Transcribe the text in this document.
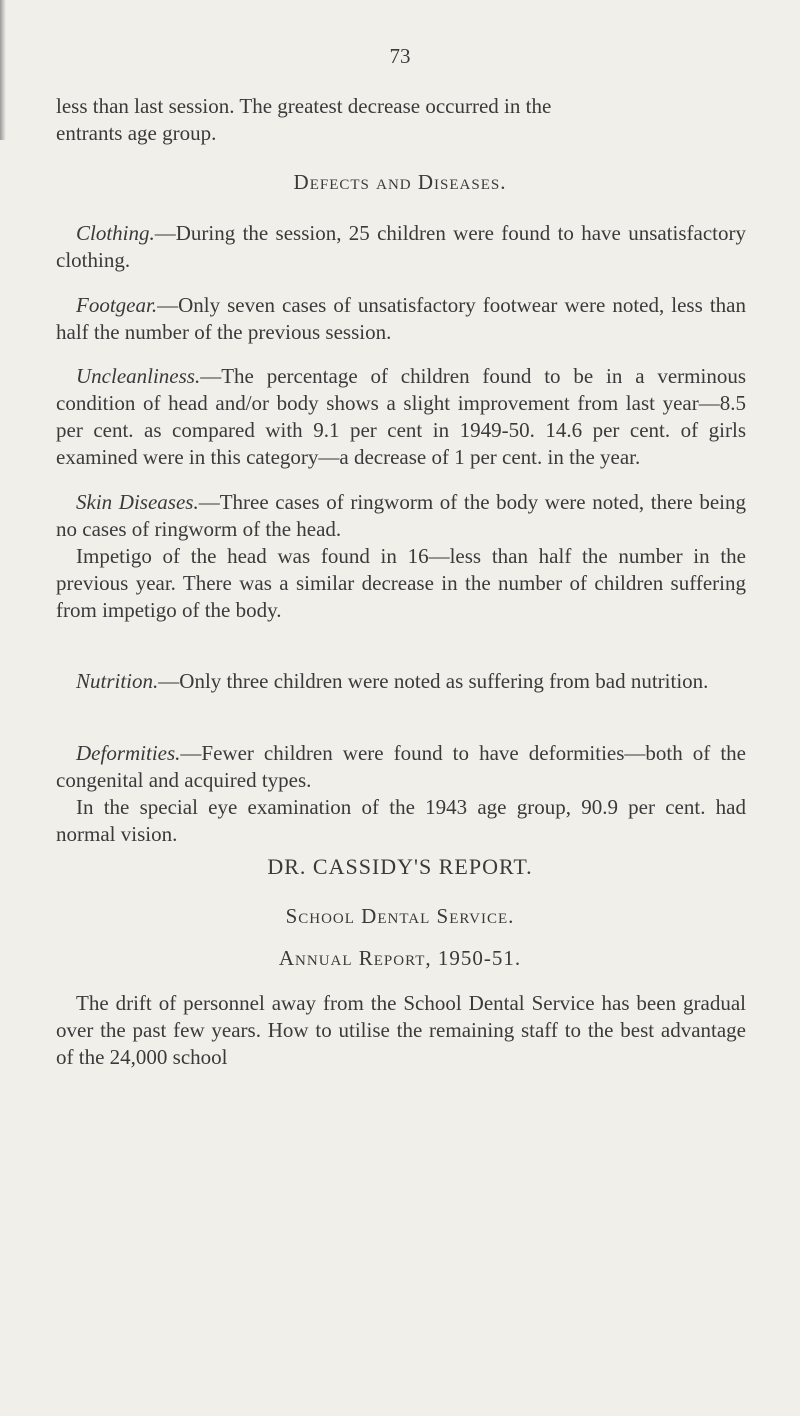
73

less than last session. The greatest decrease occurred in the

entrants age group.

Defects and Diseases.

Clothing.—During the session, 25 children were found to have unsatisfactory clothing.

Footgear.—Only seven cases of unsatisfactory footwear were noted, less than half the number of the previous session.

Uncleanliness.—The percentage of children found to be in a verminous condition of head and/or body shows a slight improvement from last year—8.5 per cent. as compared with 9.1 per cent in 1949-50. 14.6 per cent. of girls examined were in this category—a decrease of 1 per cent. in the year.

Skin Diseases.—Three cases of ringworm of the body were noted, there being no cases of ringworm of the head.

Impetigo of the head was found in 16—less than half the number in the previous year. There was a similar decrease in the number of children suffering from impetigo of the body.

Nutrition.—Only three children were noted as suffering from bad nutrition.

Deformities.—Fewer children were found to have deformities—both of the congenital and acquired types.

In the special eye examination of the 1943 age group, 90.9 per cent. had normal vision.

DR. CASSIDY'S REPORT.
School Dental Service.
Annual Report, 1950-51.

The drift of personnel away from the School Dental Service has been gradual over the past few years. How to utilise the remaining staff to the best advantage of the 24,000 school
